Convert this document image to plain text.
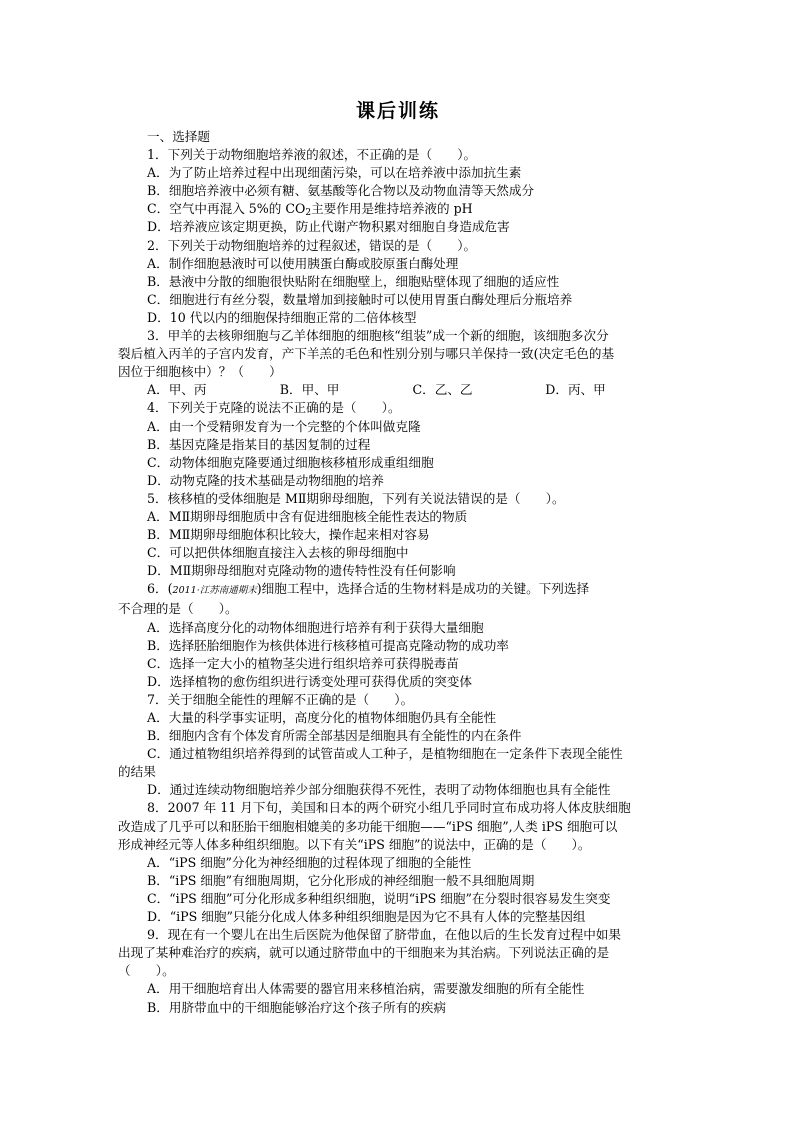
课后训练
一、选择题
1．下列关于动物细胞培养液的叙述，不正确的是（　　）。
A．为了防止培养过程中出现细菌污染，可以在培养液中添加抗生素
B．细胞培养液中必须有糖、氨基酸等化合物以及动物血清等天然成分
C．空气中再混入 5%的 $CO_2$主要作用是维持培养液的 pH
D．培养液应该定期更换，防止代谢产物积累对细胞自身造成危害
2．下列关于动物细胞培养的过程叙述，错误的是（　　）。
A．制作细胞悬液时可以使用胰蛋白酶或胶原蛋白酶处理
B．悬液中分散的细胞很快贴附在细胞壁上，细胞贴壁体现了细胞的适应性
C．细胞进行有丝分裂，数量增加到接触时可以使用胃蛋白酶处理后分瓶培养
D．10 代以内的细胞保持细胞正常的二倍体核型
3．甲羊的去核卵细胞与乙羊体细胞的细胞核“组装”成一个新的细胞，该细胞多次分
裂后植入丙羊的子宫内发育，产下羊羔的毛色和性别分别与哪只羊保持一致(决定毛色的基
因位于细胞核中）？（　　）
A．甲、丙	B．甲、甲	C．乙、乙	D．丙、甲
4．下列关于克隆的说法不正确的是（　　）。
A．由一个受精卵发育为一个完整的个体叫做克隆
B．基因克隆是指某目的基因复制的过程
C．动物体细胞克隆要通过细胞核移植形成重组细胞
D．动物克隆的技术基础是动物细胞的培养
5．核移植的受体细胞是 MⅡ期卵母细胞，下列有关说法错误的是（　　）。
A．MⅡ期卵母细胞质中含有促进细胞核全能性表达的物质
B．MⅡ期卵母细胞体积比较大，操作起来相对容易
C．可以把供体细胞直接注入去核的卵母细胞中
D．MⅡ期卵母细胞对克隆动物的遗传特性没有任何影响
6．(2011·江苏南通期末)细胞工程中，选择合适的生物材料是成功的关键。下列选择
不合理的是（　　）。
A．选择高度分化的动物体细胞进行培养有利于获得大量细胞
B．选择胚胎细胞作为核供体进行核移植可提高克隆动物的成功率
C．选择一定大小的植物茎尖进行组织培养可获得脱毒苗
D．选择植物的愈伤组织进行诱变处理可获得优质的突变体
7．关于细胞全能性的理解不正确的是（　　）。
A．大量的科学事实证明，高度分化的植物体细胞仍具有全能性
B．细胞内含有个体发育所需全部基因是细胞具有全能性的内在条件
C．通过植物组织培养得到的试管苗或人工种子，是植物细胞在一定条件下表现全能性
的结果
D．通过连续动物细胞培养少部分细胞获得不死性，表明了动物体细胞也具有全能性
8．2007 年 11 月下旬，美国和日本的两个研究小组几乎同时宣布成功将人体皮肤细胞
改造成了几乎可以和胚胎干细胞相媲美的多功能干细胞——“iPS 细胞”,人类 iPS 细胞可以
形成神经元等人体多种组织细胞。以下有关“iPS 细胞”的说法中，正确的是（　　）。
A．“iPS 细胞”分化为神经细胞的过程体现了细胞的全能性
B．“iPS 细胞”有细胞周期，它分化形成的神经细胞一般不具细胞周期
C．“iPS 细胞”可分化形成多种组织细胞，说明“iPS 细胞”在分裂时很容易发生突变
D．“iPS 细胞”只能分化成人体多种组织细胞是因为它不具有人体的完整基因组
9．现在有一个婴儿在出生后医院为他保留了脐带血，在他以后的生长发育过程中如果
出现了某种难治疗的疾病，就可以通过脐带血中的干细胞来为其治病。下列说法正确的是
（　　）。
A．用干细胞培育出人体需要的器官用来移植治病，需要激发细胞的所有全能性
B．用脐带血中的干细胞能够治疗这个孩子所有的疾病
